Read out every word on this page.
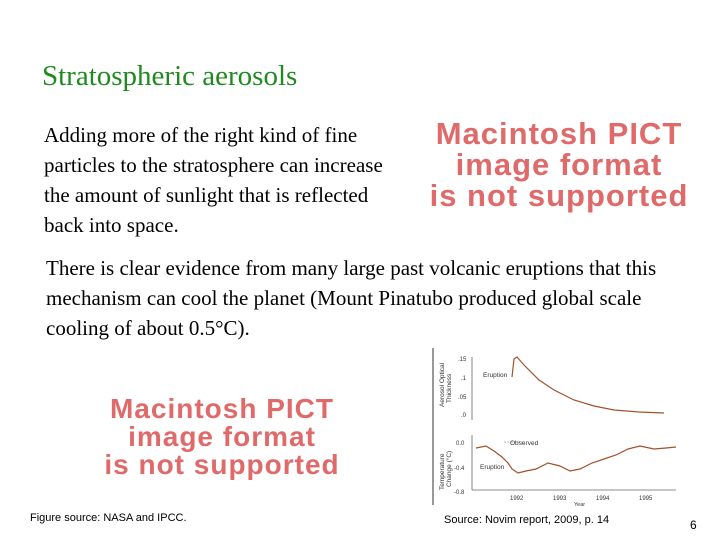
Stratospheric aerosols
Adding more of the right kind of fine particles to the stratosphere can increase the amount of sunlight that is reflected back into space.
Macintosh PICT
image format
is not supported
There is clear evidence from many large past volcanic eruptions that this mechanism can cool the planet (Mount Pinatubo produced global scale cooling of about 0.5°C).
Macintosh PICT
image format
is not supported
Aerosol Optical Thickness
.15
.1
.05
.0
Eruption
Temperature Change (°C)
0.0
-0.4
-0.8
Observed
Eruption
1992	1993	1994	1995
Year
Figure source: NASA and IPCC.	Source: Novim report, 2009, p. 14	6
